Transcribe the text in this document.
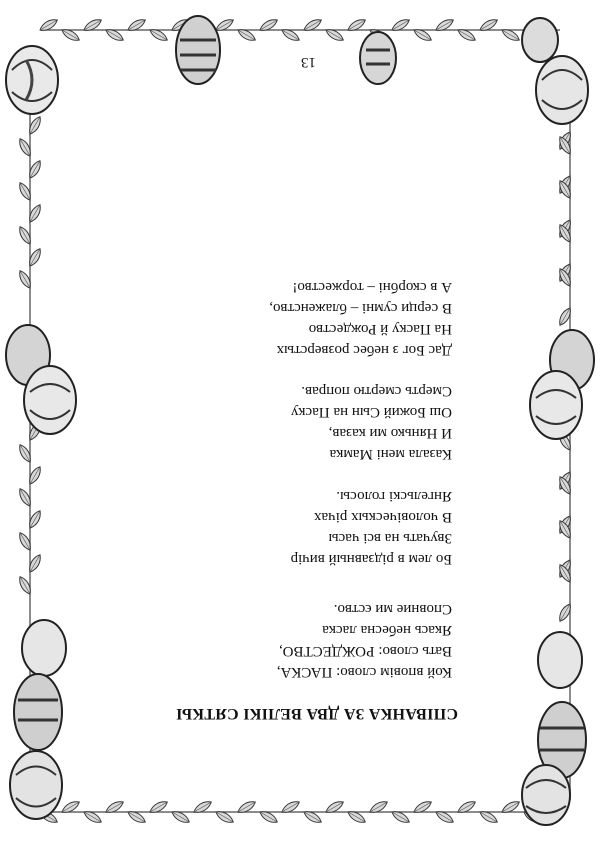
13
СПІВАНКА ЗА ДВА ВЕЛІКІ СЯТКЫ
Кой вповім слово: ПАСКА,
Вать слово: РОЖДЕСТВО,
Якась небесна ласка
Сповние ми єство.
Бо лем в рідзавный вичір
Звучать на всі часы
В чоловіческых річах
Янгельскі голосы.
Казала мені Мамка
И Нянько ми казав,
Ош Божий Сын на Паску
Смерть смертю поправ.
Дас Бог з небес розверстых
На Паску й Рождество
В серци сумні – блаженство,
А в скорбні – торжество!
